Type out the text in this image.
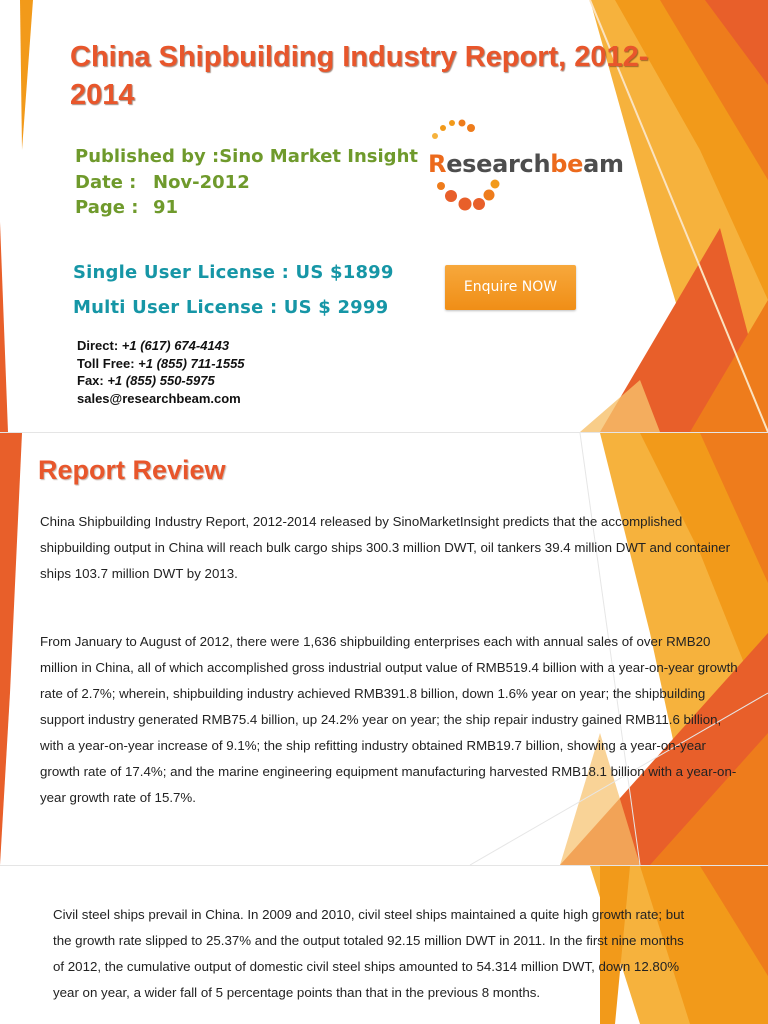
China Shipbuilding Industry Report, 2012-2014
Published by :Sino Market Insight
Date : Nov-2012
Page : 91
Researchbeam
Single User License : US $1899
Multi User License : US $ 2999
Enquire NOW
Direct: +1 (617) 674-4143
Toll Free: +1 (855) 711-1555
Fax: +1 (855) 550-5975
sales@researchbeam.com
Report Review

China Shipbuilding Industry Report, 2012-2014 released by SinoMarketInsight predicts that the accomplished shipbuilding output in China will reach bulk cargo ships 300.3 million DWT, oil tankers 39.4 million DWT and container ships 103.7 million DWT by 2013.

From January to August of 2012, there were 1,636 shipbuilding enterprises each with annual sales of over RMB20 million in China, all of which accomplished gross industrial output value of RMB519.4 billion with a year-on-year growth rate of 2.7%; wherein, shipbuilding industry achieved RMB391.8 billion, down 1.6% year on year; the shipbuilding support industry generated RMB75.4 billion, up 24.2% year on year; the ship repair industry gained RMB11.6 billion, with a year-on-year increase of 9.1%; the ship refitting industry obtained RMB19.7 billion, showing a year-on-year growth rate of 17.4%; and the marine engineering equipment manufacturing harvested RMB18.1 billion with a year-on-year growth rate of 15.7%.

Civil steel ships prevail in China. In 2009 and 2010, civil steel ships maintained a quite high growth rate; but the growth rate slipped to 25.37% and the output totaled 92.15 million DWT in 2011. In the first nine months of 2012, the cumulative output of domestic civil steel ships amounted to 54.314 million DWT, down 12.80% year on year, a wider fall of 5 percentage points than that in the previous 8 months.
